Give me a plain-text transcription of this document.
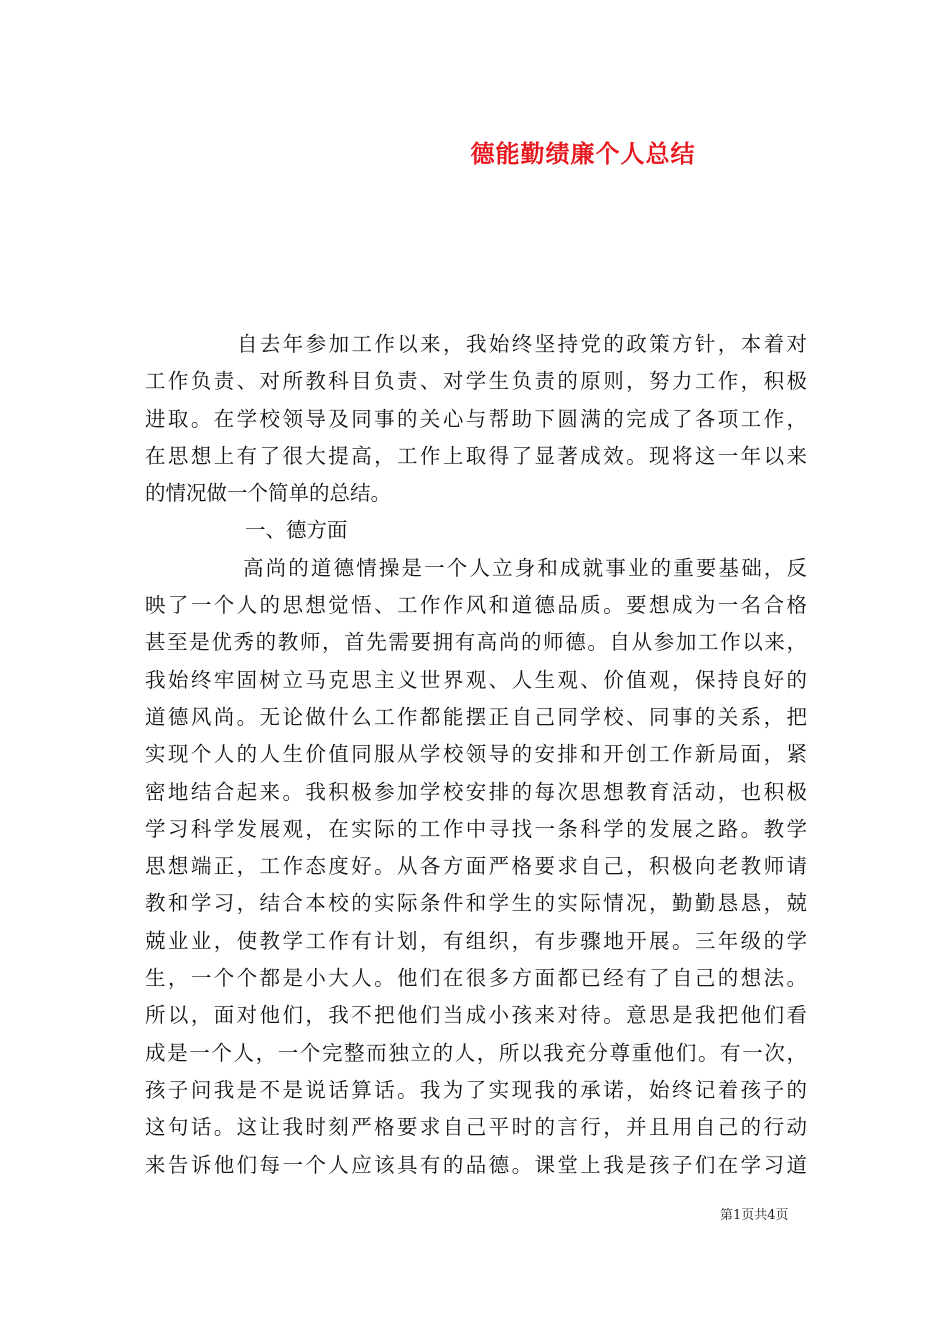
德能勤绩廉个人总结
自去年参加工作以来，我始终坚持党的政策方针，本着对
工作负责、对所教科目负责、对学生负责的原则，努力工作，积极
进取。在学校领导及同事的关心与帮助下圆满的完成了各项工作，
在思想上有了很大提高，工作上取得了显著成效。现将这一年以来
的情况做一个简单的总结。
一、德方面
高尚的道德情操是一个人立身和成就事业的重要基础，反
映了一个人的思想觉悟、工作作风和道德品质。要想成为一名合格
甚至是优秀的教师，首先需要拥有高尚的师德。自从参加工作以来，
我始终牢固树立马克思主义世界观、人生观、价值观，保持良好的
道德风尚。无论做什么工作都能摆正自己同学校、同事的关系，把
实现个人的人生价值同服从学校领导的安排和开创工作新局面，紧
密地结合起来。我积极参加学校安排的每次思想教育活动，也积极
学习科学发展观，在实际的工作中寻找一条科学的发展之路。教学
思想端正，工作态度好。从各方面严格要求自己，积极向老教师请
教和学习，结合本校的实际条件和学生的实际情况，勤勤恳恳，兢
兢业业，使教学工作有计划，有组织，有步骤地开展。三年级的学
生，一个个都是小大人。他们在很多方面都已经有了自己的想法。
所以，面对他们，我不把他们当成小孩来对待。意思是我把他们看
成是一个人，一个完整而独立的人，所以我充分尊重他们。有一次，
孩子问我是不是说话算话。我为了实现我的承诺，始终记着孩子的
这句话。这让我时刻严格要求自己平时的言行，并且用自己的行动
来告诉他们每一个人应该具有的品德。课堂上我是孩子们在学习道
第1页共4页
